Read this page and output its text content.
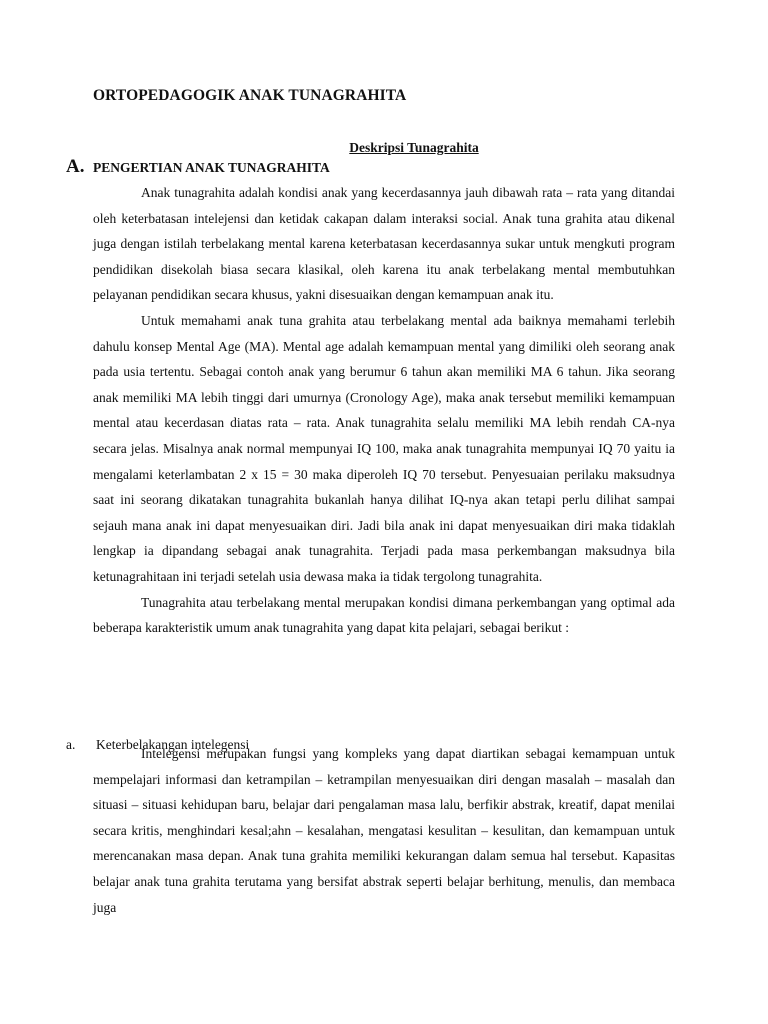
ORTOPEDAGOGIK ANAK TUNAGRAHITA
Deskripsi Tunagrahita
A. PENGERTIAN ANAK TUNAGRAHITA

Anak tunagrahita adalah kondisi anak yang kecerdasannya jauh dibawah rata – rata yang ditandai oleh keterbatasan intelejensi dan ketidak cakapan dalam interaksi social. Anak tuna grahita atau dikenal juga dengan istilah terbelakang mental karena keterbatasan kecerdasannya sukar untuk mengkuti program pendidikan disekolah biasa secara klasikal, oleh karena itu anak terbelakang mental membutuhkan pelayanan pendidikan secara khusus, yakni disesuaikan dengan kemampuan anak itu.

Untuk memahami anak tuna grahita atau terbelakang mental ada baiknya memahami terlebih dahulu konsep Mental Age (MA). Mental age adalah kemampuan mental yang dimiliki oleh seorang anak pada usia tertentu. Sebagai contoh anak yang berumur 6 tahun akan memiliki MA 6 tahun. Jika seorang anak memiliki MA lebih tinggi dari umurnya (Cronology Age), maka anak tersebut memiliki kemampuan mental atau kecerdasan diatas rata – rata. Anak tunagrahita selalu memiliki MA lebih rendah CA-nya secara jelas. Misalnya anak normal mempunyai IQ 100, maka anak tunagrahita mempunyai IQ 70 yaitu ia mengalami keterlambatan 2 x 15 = 30 maka diperoleh IQ 70 tersebut. Penyesuaian perilaku maksudnya saat ini seorang dikatakan tunagrahita bukanlah hanya dilihat IQ-nya akan tetapi perlu dilihat sampai sejauh mana anak ini dapat menyesuaikan diri. Jadi bila anak ini dapat menyesuaikan diri maka tidaklah lengkap ia dipandang sebagai anak tunagrahita. Terjadi pada masa perkembangan maksudnya bila ketunagrahitaan ini terjadi setelah usia dewasa maka ia tidak tergolong tunagrahita.

Tunagrahita atau terbelakang mental merupakan kondisi dimana perkembangan yang optimal ada beberapa karakteristik umum anak tunagrahita yang dapat kita pelajari, sebagai berikut :

a. Keterbelakangan intelegensi

Intelegensi merupakan fungsi yang kompleks yang dapat diartikan sebagai kemampuan untuk mempelajari informasi dan ketrampilan – ketrampilan menyesuaikan diri dengan masalah – masalah dan situasi – situasi kehidupan baru, belajar dari pengalaman masa lalu, berfikir abstrak, kreatif, dapat menilai secara kritis, menghindari kesal;ahn – kesalahan, mengatasi kesulitan – kesulitan, dan kemampuan untuk merencanakan masa depan. Anak tuna grahita memiliki kekurangan dalam semua hal tersebut. Kapasitas belajar anak tuna grahita terutama yang bersifat abstrak seperti belajar berhitung, menulis, dan membaca juga
